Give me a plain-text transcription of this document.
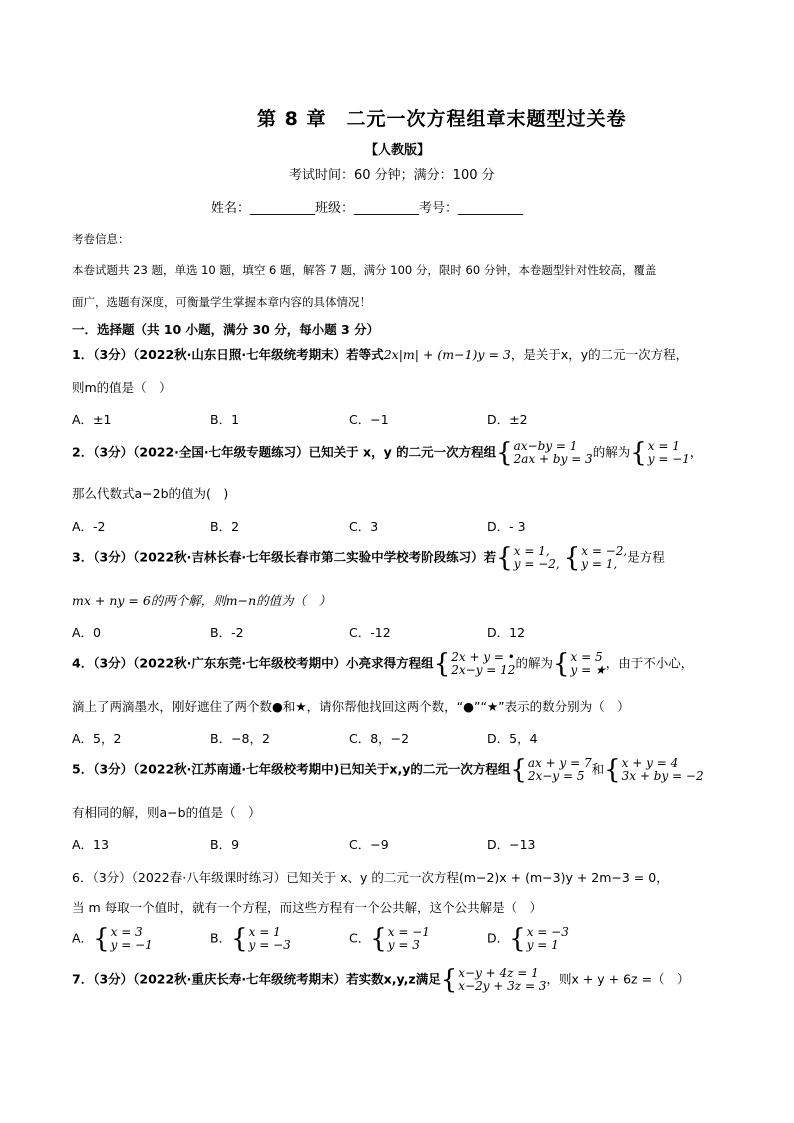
第 8 章　二元一次方程组章末题型过关卷
【人教版】
考试时间：60 分钟；满分：100 分
姓名：__________班级：__________考号：__________
考卷信息：
本卷试题共 23 题，单选 10 题，填空 6 题，解答 7 题，满分 100 分，限时 60 分钟，本卷题型针对性较高，覆盖
面广，选题有深度，可衡量学生掌握本章内容的具体情况！
一．选择题（共 10 小题，满分 30 分，每小题 3 分）
1．（3分）（2022秋·山东日照·七年级统考期末）若等式2x|m| + (m−1)y = 3，是关于x，y的二元一次方程，
则m的值是（　）
A．±1	B．1	C．−1	D．±2
2．（3分）（2022·全国·七年级专题练习）已知关于 x，y 的二元一次方程组 { ax−by = 1
2ax + by = 3 的解为 { x = 1
y = −1 ，
那么代数式a−2b的值为(　)
A．-2	B．2	C．3	D．- 3
3．（3分）（2022秋·吉林长春·七年级长春市第二实验中学校考阶段练习）若 { x = 1,
y = −2,
{ x = −2,
y = 1, 是方程
mx + ny = 6的两个解，则m−n的值为（　）
A．0	B．-2	C．-12	D．12
4．（3分）（2022秋·广东东莞·七年级校考期中）小亮求得方程组 { 2x + y = •
2x−y = 12 的解为 { x = 5
y = ★ ，由于不小心，
滴上了两滴墨水，刚好遮住了两个数●和★，请你帮他找回这两个数，“●”“★”表示的数分别为（　）
A．5，2	B．−8，2	C．8，−2	D．5，4
5．（3分）（2022秋·江苏南通·七年级校考期中)已知关于x,y的二元一次方程组 { ax + y = 7
2x−y = 5 和 { x + y = 4
3x + by = −2
有相同的解，则a−b的值是（　）
A．13	B．9	C．−9	D．−13
6．（3分）（2022春·八年级课时练习）已知关于 x、y 的二元一次方程(m−2)x + (m−3)y + 2m−3 = 0，
当 m 每取一个值时，就有一个方程，而这些方程有一个公共解，这个公共解是（　）
A． { x = 3
y = −1	B． { x = 1
y = −3	C． { x = −1
y = 3	D． { x = −3
y = 1
7．（3分）（2022秋·重庆长寿·七年级统考期末）若实数x,y,z满足 { x−y + 4z = 1
x−2y + 3z = 3 ，则x + y + 6z =（　）
